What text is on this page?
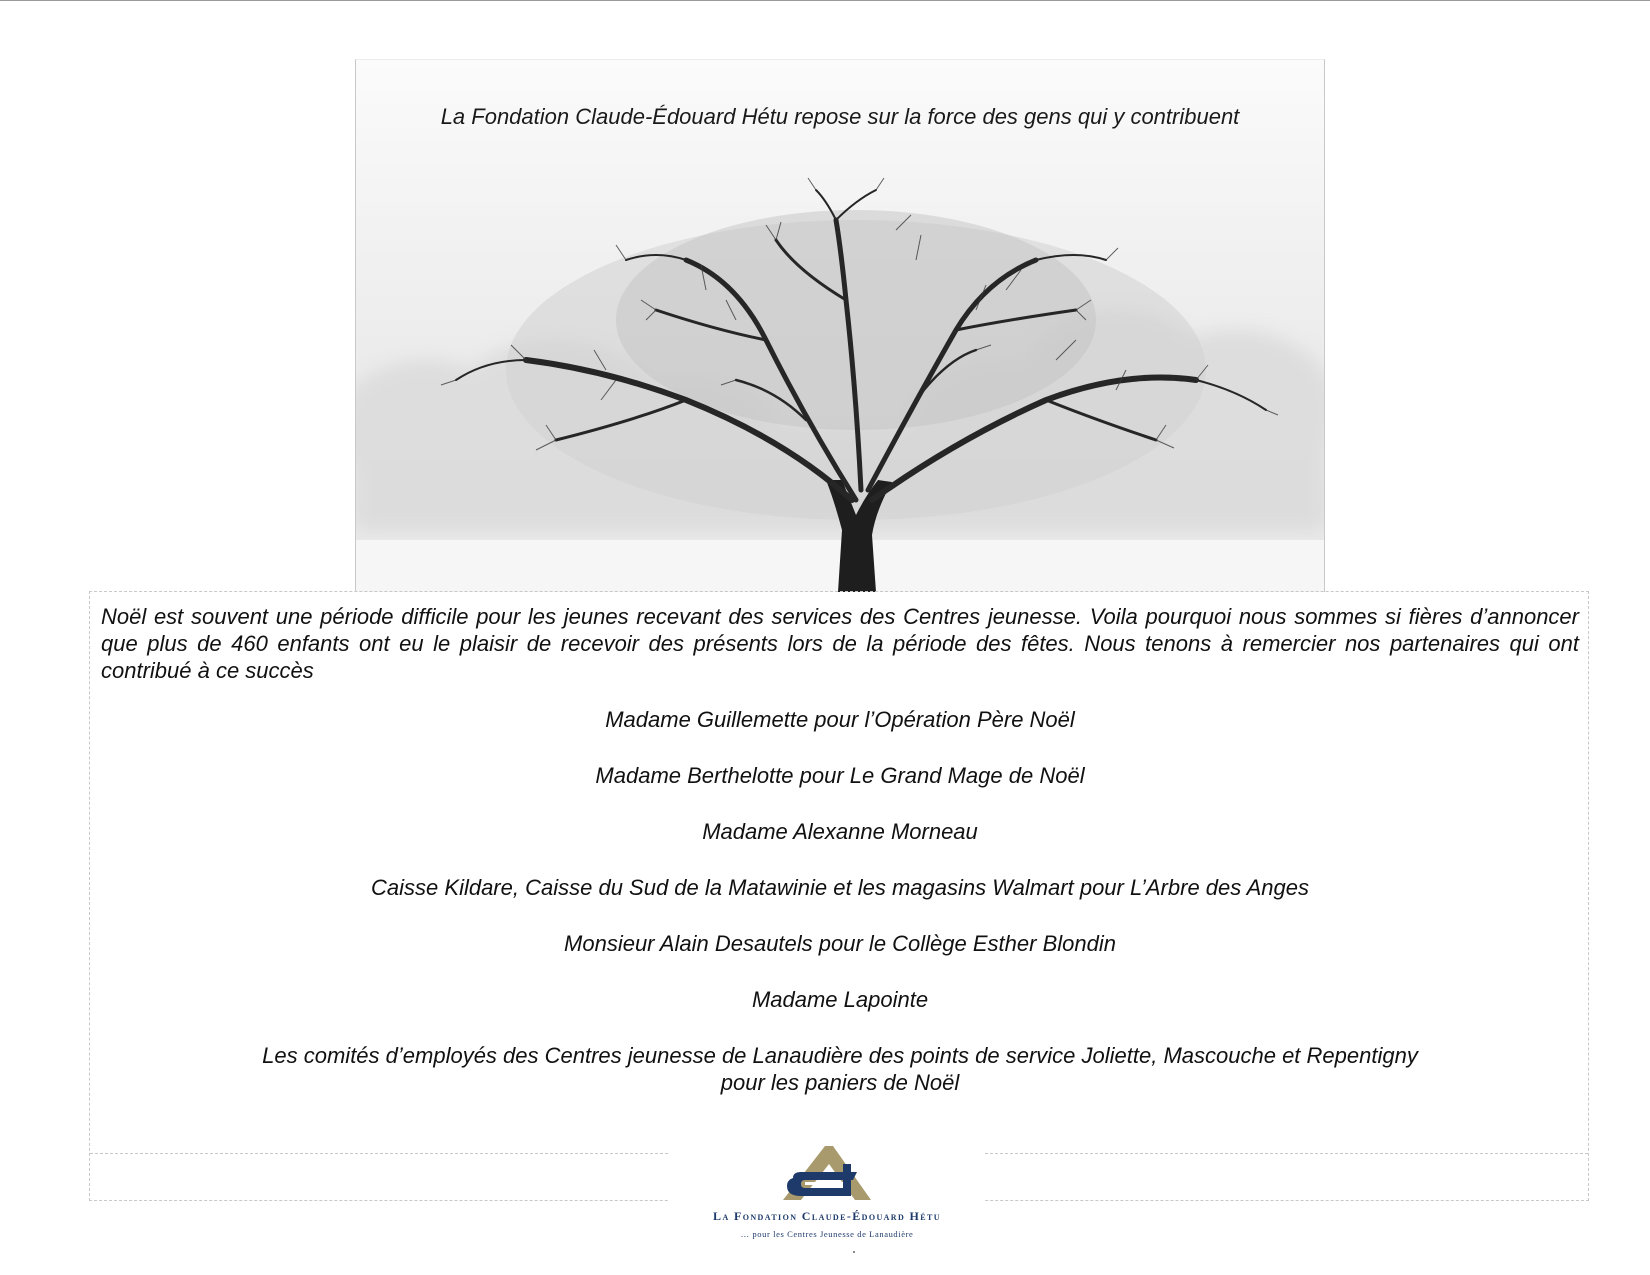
La Fondation Claude-Édouard Hétu repose sur la force des gens qui y contribuent

Noël est souvent une période difficile pour les jeunes recevant des services des Centres jeunesse. Voila pourquoi nous sommes si fières d’annoncer que plus de 460 enfants ont eu le plaisir de recevoir des présents lors de la période des fêtes. Nous tenons à remercier nos partenaires qui ont contribué à ce succès

Madame Guillemette pour l’Opération Père Noël
Madame Berthelotte pour Le Grand Mage de Noël
Madame Alexanne Morneau
Caisse Kildare, Caisse du Sud de la Matawinie et les magasins Walmart pour L’Arbre des Anges
Monsieur Alain Desautels pour le Collège Esther Blondin
Madame Lapointe
Les comités d’employés des Centres jeunesse de Lanaudière des points de service Joliette, Mascouche et Repentigny
pour les paniers de Noël
La Fondation Claude-Édouard Hétu
… pour les Centres Jeunesse de Lanaudière
